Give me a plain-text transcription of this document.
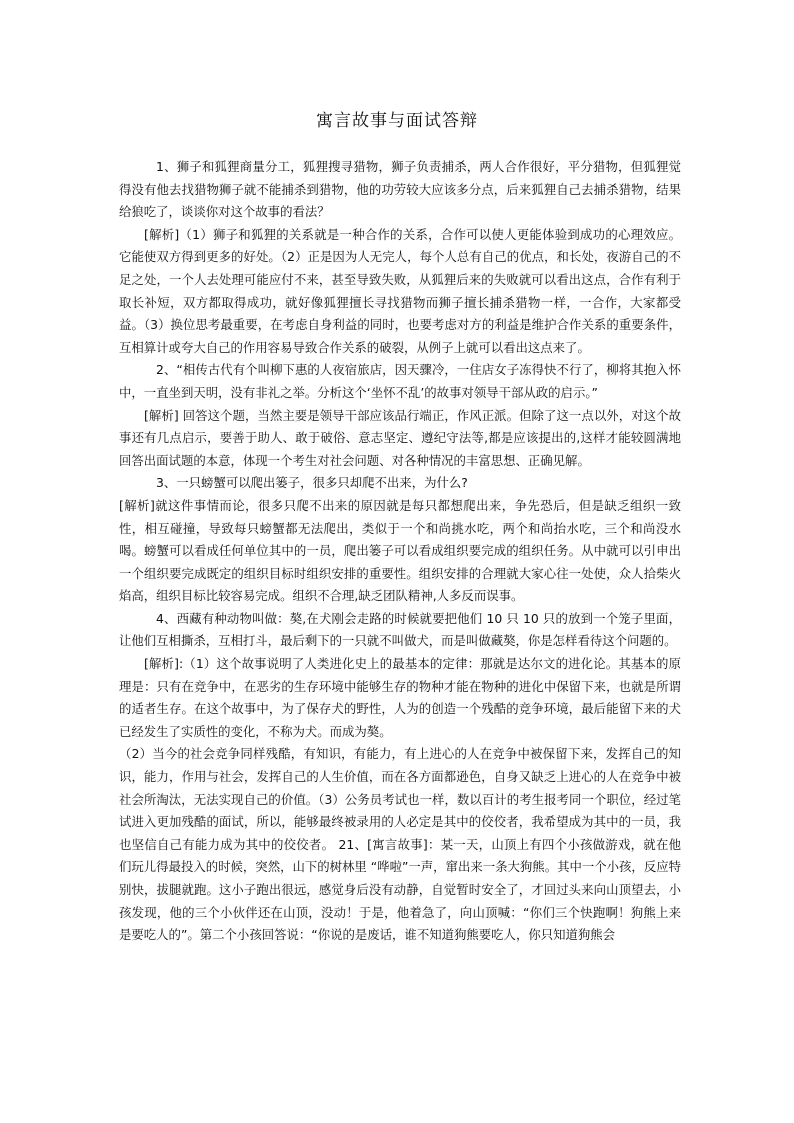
寓言故事与面试答辩

1、狮子和狐狸商量分工，狐狸搜寻猎物，狮子负责捕杀，两人合作很好，平分猎物，但狐狸觉得没有他去找猎物狮子就不能捕杀到猎物，他的功劳较大应该多分点，后来狐狸自己去捕杀猎物，结果给狼吃了，谈谈你对这个故事的看法？

[解析]（1）狮子和狐狸的关系就是一种合作的关系，合作可以使人更能体验到成功的心理效应。它能使双方得到更多的好处。（2）正是因为人无完人，每个人总有自己的优点，和长处，夜游自己的不足之处，一个人去处理可能应付不来，甚至导致失败，从狐狸后来的失败就可以看出这点，合作有利于取长补短，双方都取得成功，就好像狐狸擅长寻找猎物而狮子擅长捕杀猎物一样，一合作，大家都受益。（3）换位思考最重要，在考虑自身利益的同时，也要考虑对方的利益是维护合作关系的重要条件，互相算计或夸大自己的作用容易导致合作关系的破裂，从例子上就可以看出这点来了。

2、“相传古代有个叫柳下惠的人夜宿旅店，因天骤冷，一住店女子冻得快不行了，柳将其抱入怀中，一直坐到天明，没有非礼之举。分析这个‘坐怀不乱’的故事对领导干部从政的启示。”

[解析] 回答这个题，当然主要是领导干部应该品行端正，作风正派。但除了这一点以外，对这个故事还有几点启示，要善于助人、敢于破俗、意志坚定、遵纪守法等,都是应该提出的,这样才能较圆满地回答出面试题的本意，体现一个考生对社会问题、对各种情况的丰富思想、正确见解。

3、一只螃蟹可以爬出篓子，很多只却爬不出来，为什么?

[解析]就这件事情而论，很多只爬不出来的原因就是每只都想爬出来，争先恐后，但是缺乏组织一致性，相互碰撞，导致每只螃蟹都无法爬出，类似于一个和尚挑水吃，两个和尚抬水吃，三个和尚没水喝。螃蟹可以看成任何单位其中的一员，爬出篓子可以看成组织要完成的组织任务。从中就可以引申出一个组织要完成既定的组织目标时组织安排的重要性。组织安排的合理就大家心往一处使，众人拾柴火焰高，组织目标比较容易完成。组织不合理,缺乏团队精神,人多反而误事。

4、西藏有种动物叫做：獒,在犬刚会走路的时候就要把他们 10 只 10 只的放到一个笼子里面，让他们互相撕杀，互相打斗，最后剩下的一只就不叫做犬，而是叫做藏獒，你是怎样看待这个问题的。

[解析]:（1）这个故事说明了人类进化史上的最基本的定律：那就是达尔文的进化论。其基本的原理是：只有在竞争中，在恶劣的生存环境中能够生存的物种才能在物种的进化中保留下来，也就是所谓的适者生存。在这个故事中，为了保存犬的野性，人为的创造一个残酷的竞争环境，最后能留下来的犬已经发生了实质性的变化，不称为犬。而成为獒。

（2）当今的社会竞争同样残酷，有知识，有能力，有上进心的人在竞争中被保留下来，发挥自己的知识，能力，作用与社会，发挥自己的人生价值，而在各方面都逊色，自身又缺乏上进心的人在竞争中被社会所淘汰，无法实现自己的价值。（3）公务员考试也一样，数以百计的考生报考同一个职位，经过笔试进入更加残酷的面试，所以，能够最终被录用的人必定是其中的佼佼者，我希望成为其中的一员，我也坚信自己有能力成为其中的佼佼者。 21、[寓言故事]：某一天，山顶上有四个小孩做游戏，就在他们玩儿得最投入的时候，突然，山下的树林里 “哗啦”一声，窜出来一条大狗熊。其中一个小孩，反应特别快，拔腿就跑。这小子跑出很远，感觉身后没有动静，自觉暂时安全了，才回过头来向山顶望去，小孩发现，他的三个小伙伴还在山顶，没动！于是，他着急了，向山顶喊：“你们三个快跑啊！狗熊上来是要吃人的”。第二个小孩回答说：“你说的是废话，谁不知道狗熊要吃人，你只知道狗熊会
